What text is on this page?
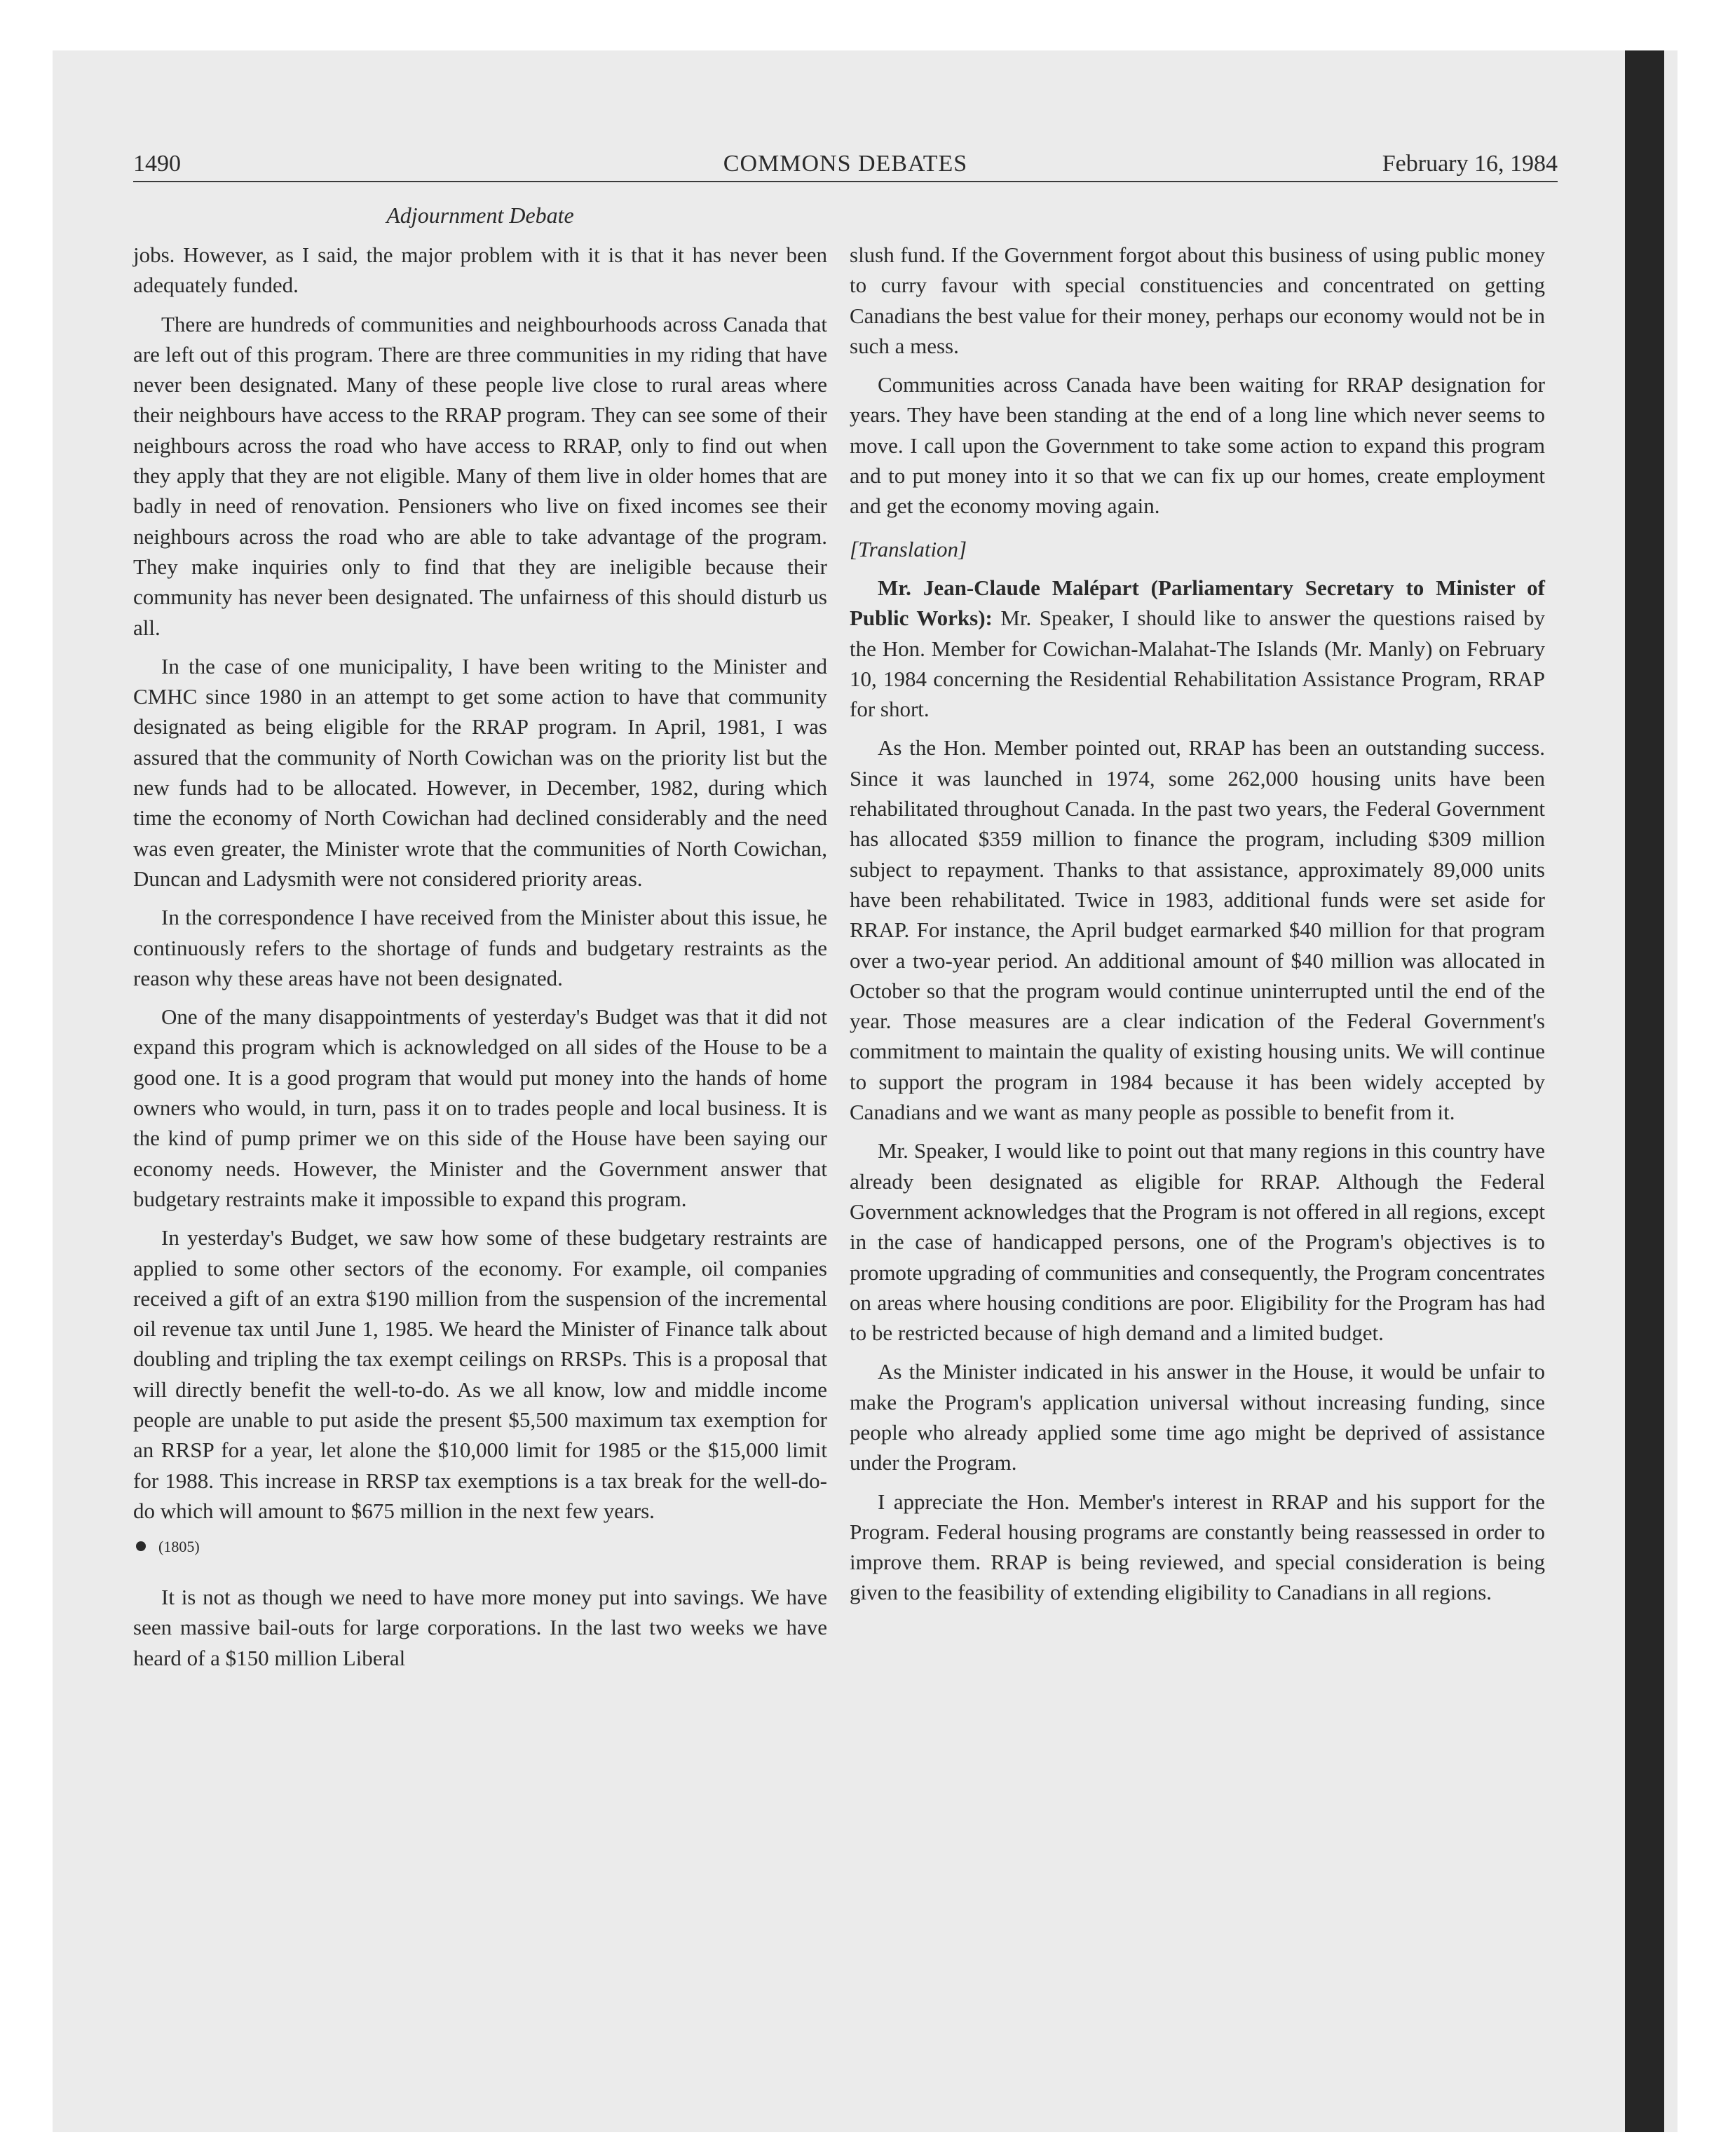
1490	COMMONS DEBATES	February 16, 1984
Adjournment Debate

jobs. However, as I said, the major problem with it is that it has never been adequately funded.

There are hundreds of communities and neighbourhoods across Canada that are left out of this program. There are three communities in my riding that have never been designated. Many of these people live close to rural areas where their neighbours have access to the RRAP program. They can see some of their neighbours across the road who have access to RRAP, only to find out when they apply that they are not eligible. Many of them live in older homes that are badly in need of renovation. Pensioners who live on fixed incomes see their neighbours across the road who are able to take advantage of the program. They make inquiries only to find that they are ineligible because their community has never been designated. The unfairness of this should disturb us all.

In the case of one municipality, I have been writing to the Minister and CMHC since 1980 in an attempt to get some action to have that community designated as being eligible for the RRAP program. In April, 1981, I was assured that the community of North Cowichan was on the priority list but the new funds had to be allocated. However, in December, 1982, during which time the economy of North Cowichan had declined considerably and the need was even greater, the Minister wrote that the communities of North Cowichan, Duncan and Ladysmith were not considered priority areas.

In the correspondence I have received from the Minister about this issue, he continuously refers to the shortage of funds and budgetary restraints as the reason why these areas have not been designated.

One of the many disappointments of yesterday's Budget was that it did not expand this program which is acknowledged on all sides of the House to be a good one. It is a good program that would put money into the hands of home owners who would, in turn, pass it on to trades people and local business. It is the kind of pump primer we on this side of the House have been saying our economy needs. However, the Minister and the Government answer that budgetary restraints make it impossible to expand this program.

In yesterday's Budget, we saw how some of these budgetary restraints are applied to some other sectors of the economy. For example, oil companies received a gift of an extra $190 million from the suspension of the incremental oil revenue tax until June 1, 1985. We heard the Minister of Finance talk about doubling and tripling the tax exempt ceilings on RRSPs. This is a proposal that will directly benefit the well-to-do. As we all know, low and middle income people are unable to put aside the present $5,500 maximum tax exemption for an RRSP for a year, let alone the $10,000 limit for 1985 or the $15,000 limit for 1988. This increase in RRSP tax exemptions is a tax break for the well-do-do which will amount to $675 million in the next few years.

(1805)

It is not as though we need to have more money put into savings. We have seen massive bail-outs for large corporations. In the last two weeks we have heard of a $150 million Liberal

slush fund. If the Government forgot about this business of using public money to curry favour with special constituencies and concentrated on getting Canadians the best value for their money, perhaps our economy would not be in such a mess.

Communities across Canada have been waiting for RRAP designation for years. They have been standing at the end of a long line which never seems to move. I call upon the Government to take some action to expand this program and to put money into it so that we can fix up our homes, create employment and get the economy moving again.

[Translation]

Mr. Jean-Claude Malépart (Parliamentary Secretary to Minister of Public Works): Mr. Speaker, I should like to answer the questions raised by the Hon. Member for Cowichan-Malahat-The Islands (Mr. Manly) on February 10, 1984 concerning the Residential Rehabilitation Assistance Program, RRAP for short.

As the Hon. Member pointed out, RRAP has been an outstanding success. Since it was launched in 1974, some 262,000 housing units have been rehabilitated throughout Canada. In the past two years, the Federal Government has allocated $359 million to finance the program, including $309 million subject to repayment. Thanks to that assistance, approximately 89,000 units have been rehabilitated. Twice in 1983, additional funds were set aside for RRAP. For instance, the April budget earmarked $40 million for that program over a two-year period. An additional amount of $40 million was allocated in October so that the program would continue uninterrupted until the end of the year. Those measures are a clear indication of the Federal Government's commitment to maintain the quality of existing housing units. We will continue to support the program in 1984 because it has been widely accepted by Canadians and we want as many people as possible to benefit from it.

Mr. Speaker, I would like to point out that many regions in this country have already been designated as eligible for RRAP. Although the Federal Government acknowledges that the Program is not offered in all regions, except in the case of handicapped persons, one of the Program's objectives is to promote upgrading of communities and consequently, the Program concentrates on areas where housing conditions are poor. Eligibility for the Program has had to be restricted because of high demand and a limited budget.

As the Minister indicated in his answer in the House, it would be unfair to make the Program's application universal without increasing funding, since people who already applied some time ago might be deprived of assistance under the Program.

I appreciate the Hon. Member's interest in RRAP and his support for the Program. Federal housing programs are constantly being reassessed in order to improve them. RRAP is being reviewed, and special consideration is being given to the feasibility of extending eligibility to Canadians in all regions.
